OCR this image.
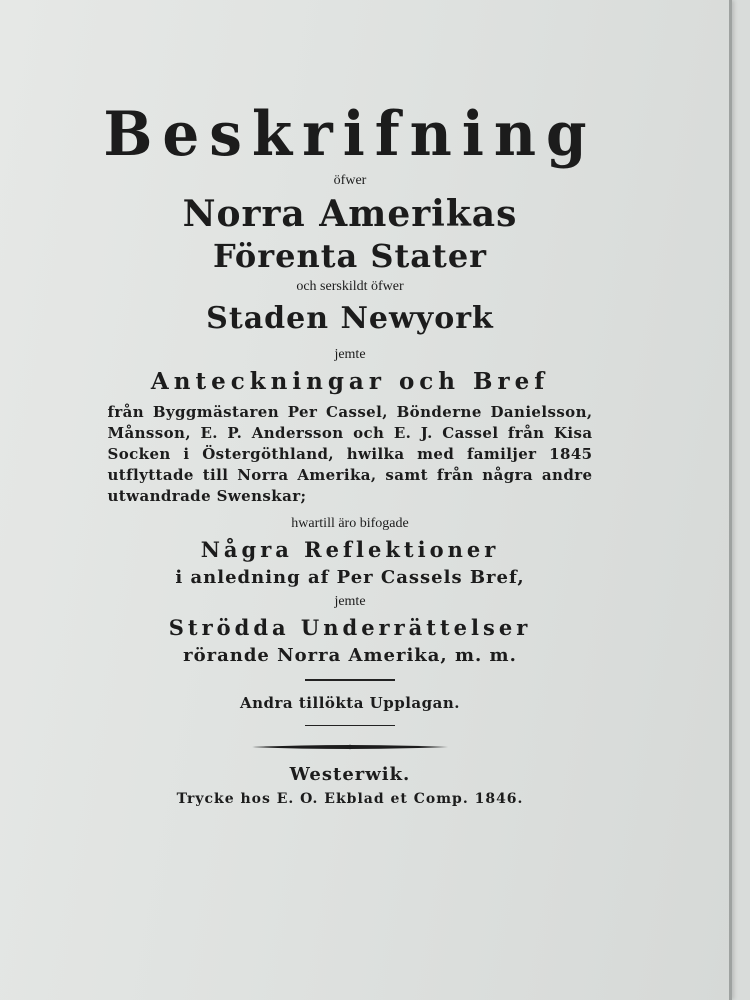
Beskrifning

öfwer

Norra Amerikas

Förenta Stater

och serskildt öfwer

Staden Newyork

jemte

Anteckningar och Bref

från Byggmästaren Per Cassel, Bönderne Danielsson, Månsson, E. P. Andersson och E. J. Cassel från Kisa Socken i Östergöthland, hwilka med familjer 1845 utflyttade till Norra Amerika, samt från några andre utwandrade Swenskar;

hwartill äro bifogade

Några Reflektioner

i anledning af Per Cassels Bref,

jemte

Strödda Underrättelser

rörande Norra Amerika, m. m.

Andra tillökta Upplagan.

Westerwik.

Trycke hos E. O. Ekblad et Comp. 1846.
